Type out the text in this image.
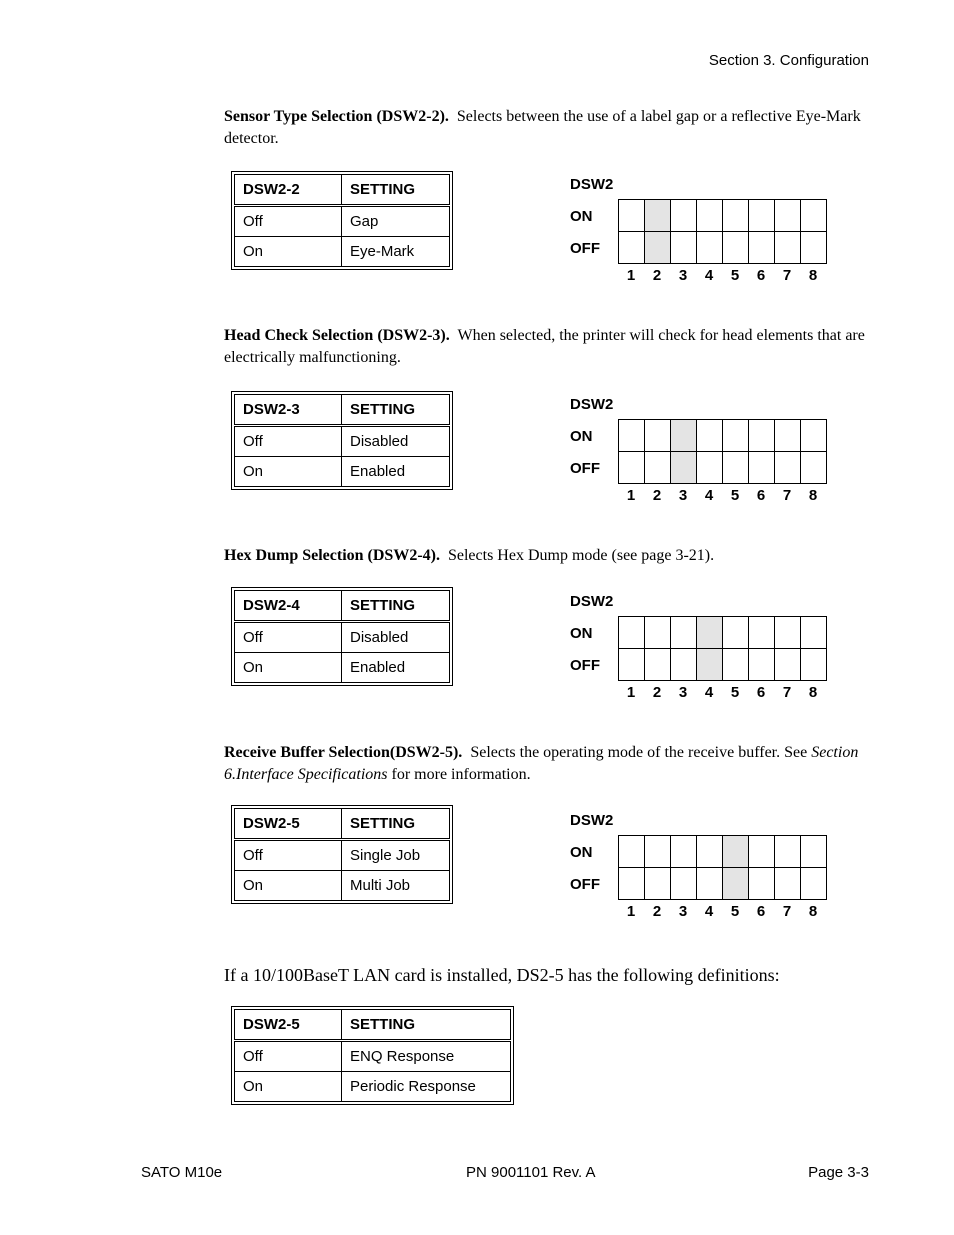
Section 3. Configuration
Sensor Type Selection (DSW2-2). Selects between the use of a label gap or a reflective Eye-Mark detector.
DSW2-2	SETTING
Off	Gap
On	Eye-Mark
DSW2
ON
OFF

1	2	3	4	5	6	7	8
Head Check Selection (DSW2-3). When selected, the printer will check for head elements that are electrically malfunctioning.
DSW2-3	SETTING
Off	Disabled
On	Enabled
DSW2
ON
OFF

1	2	3	4	5	6	7	8
Hex Dump Selection (DSW2-4). Selects Hex Dump mode (see page 3-21).
DSW2-4	SETTING
Off	Disabled
On	Enabled
DSW2
ON
OFF

1	2	3	4	5	6	7	8
Receive Buffer Selection(DSW2-5). Selects the operating mode of the receive buffer. See Section 6.Interface Specifications for more information.
DSW2-5	SETTING
Off	Single Job
On	Multi Job
DSW2
ON
OFF

1	2	3	4	5	6	7	8
If a 10/100BaseT LAN card is installed, DS2-5 has the following definitions:
DSW2-5	SETTING
Off	ENQ Response
On	Periodic Response
SATO M10e	PN 9001101 Rev. A	Page 3-3
